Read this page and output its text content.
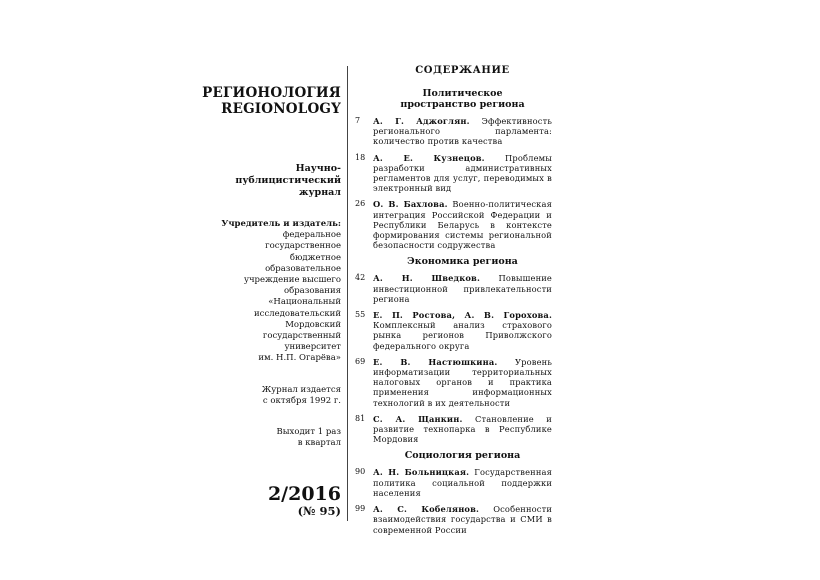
РЕГИОНОЛОГИЯ
REGIONOLOGY
Научно-
публицистический
журнал
Учредитель и издатель:
федеральное
государственное
бюджетное
образовательное
учреждение высшего
образования
«Национальный
исследовательский
Мордовский
государственный
университет
им. Н.П. Огарёва»
Журнал издается
с октября 1992 г.
Выходит 1 раз
в квартал
2/2016
(№ 95)
СОДЕРЖАНИЕ
Политическое
пространство региона
7	А. Г. Аджоглян. Эффективность регионального парламента: количество против качества
18 А. Е. Кузнецов. Проблемы разработки административных регламентов для услуг, переводимых в электронный вид
26 О. В. Бахлова. Военно-политическая интеграция Российской Федерации и Республики Беларусь в контексте формирования системы региональной безопасности содружества
Экономика региона
42 А. Н. Шведков. Повышение инвестиционной привлекательности региона
55 Е. П. Ростова, А. В. Горохова. Комплексный анализ страхового рынка регионов Приволжского федерального округа
69 Е. В. Настюшкина. Уровень информатизации территориальных налоговых органов и практика применения информационных технологий в их деятельности
81 С. А. Щанкин. Становление и развитие технопарка в Республике Мордовия
Социология региона
90 А. Н. Больницкая. Государственная политика социальной поддержки населения
99 А. С. Кобелянов. Особенности взаимодействия государства и СМИ в современной России
